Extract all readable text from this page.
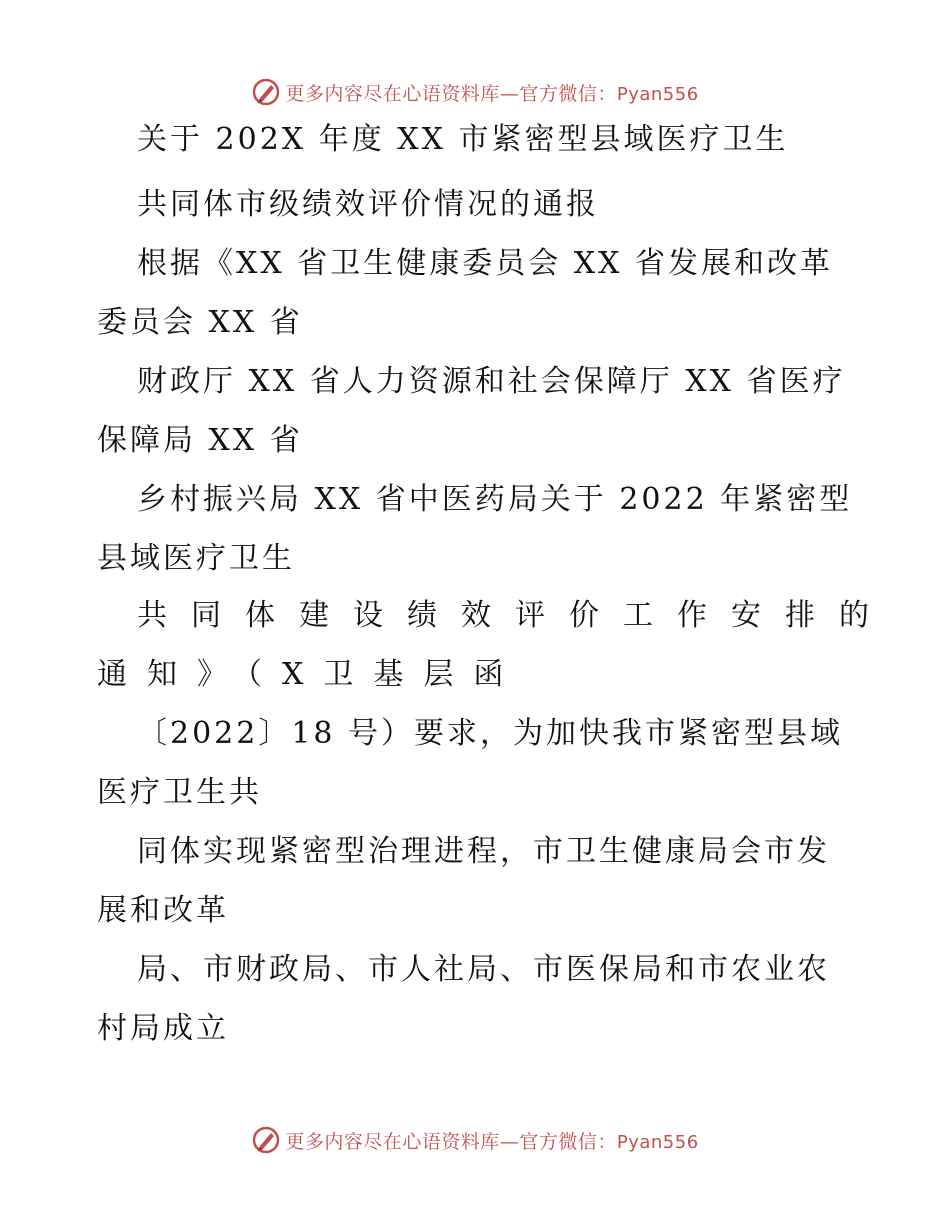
更多内容尽在心语资料库—官方微信：Pyan556
关于 202X 年度 XX 市紧密型县域医疗卫生
共同体市级绩效评价情况的通报
根据《XX 省卫生健康委员会 XX 省发展和改革
委员会 XX 省
财政厅 XX 省人力资源和社会保障厅 XX 省医疗
保障局 XX 省
乡村振兴局 XX 省中医药局关于 2022 年紧密型
县域医疗卫生
共同体建设绩效评价工作安排的
通知》（X卫基层函
〔2022〕18 号）要求，为加快我市紧密型县域
医疗卫生共
同体实现紧密型治理进程，市卫生健康局会市发
展和改革
局、市财政局、市人社局、市医保局和市农业农
村局成立
更多内容尽在心语资料库—官方微信：Pyan556
